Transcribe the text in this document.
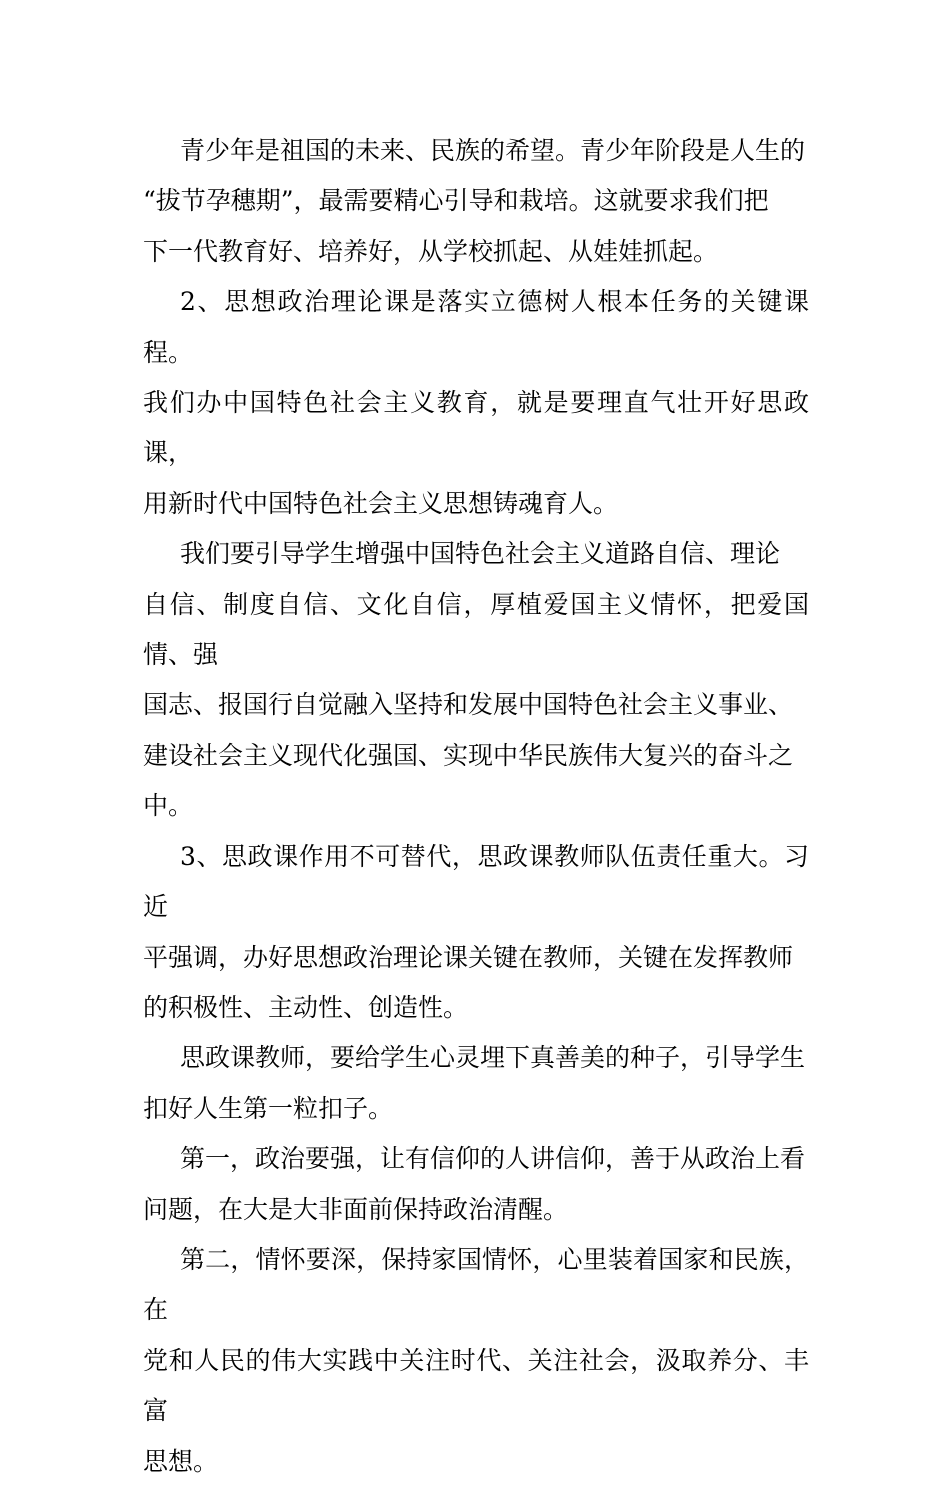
青少年是祖国的未来、民族的希望。青少年阶段是人生的
“拔节孕穗期”，最需要精心引导和栽培。这就要求我们把
下一代教育好、培养好，从学校抓起、从娃娃抓起。

2、思想政治理论课是落实立德树人根本任务的关键课程。
我们办中国特色社会主义教育，就是要理直气壮开好思政课，
用新时代中国特色社会主义思想铸魂育人。

我们要引导学生增强中国特色社会主义道路自信、理论
自信、制度自信、文化自信，厚植爱国主义情怀，把爱国情、强
国志、报国行自觉融入坚持和发展中国特色社会主义事业、
建设社会主义现代化强国、实现中华民族伟大复兴的奋斗之
中。

3、思政课作用不可替代，思政课教师队伍责任重大。习近
平强调，办好思想政治理论课关键在教师，关键在发挥教师
的积极性、主动性、创造性。

思政课教师，要给学生心灵埋下真善美的种子，引导学生
扣好人生第一粒扣子。

第一，政治要强，让有信仰的人讲信仰，善于从政治上看
问题，在大是大非面前保持政治清醒。

第二，情怀要深，保持家国情怀，心里装着国家和民族，在
党和人民的伟大实践中关注时代、关注社会，汲取养分、丰富
思想。
